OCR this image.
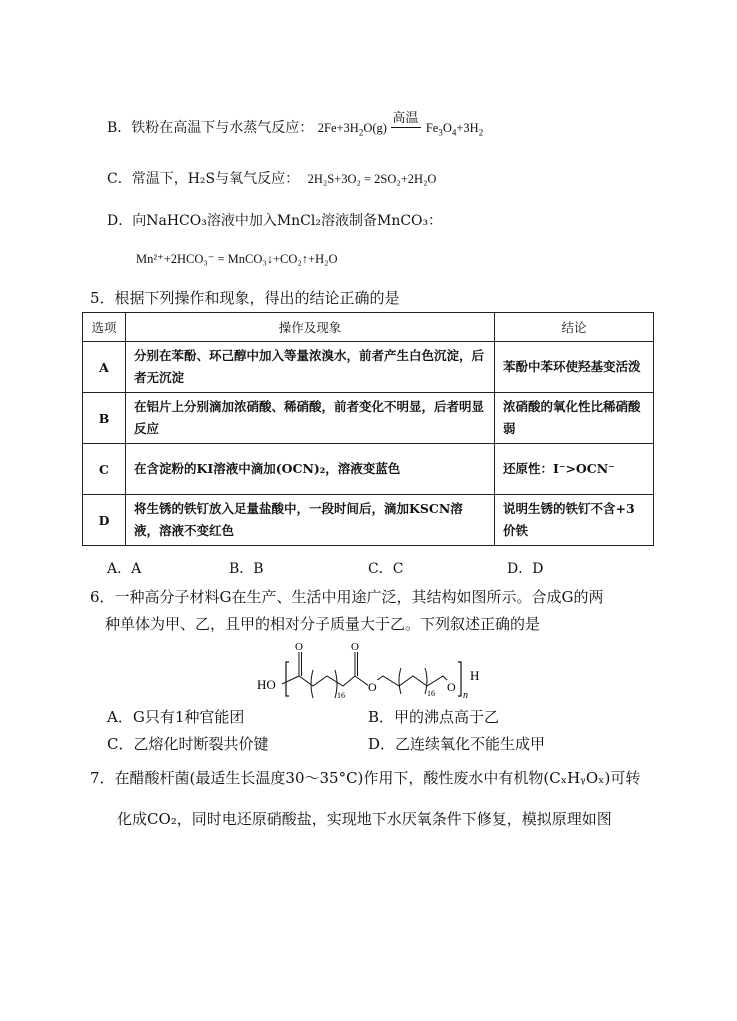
B．铁粉在高温下与水蒸气反应： $2Fe+3H_2O(g)$
高温
$Fe_3O_4+3H_2$
C．常温下，H₂S与氧气反应： 2H₂S+3O₂ = 2SO₂+2H₂O
D．向NaHCO₃溶液中加入MnCl₂溶液制备MnCO₃：
Mn²⁺+2HCO₃⁻ = MnCO₃↓+CO₂↑+H₂O
5．根据下列操作和现象，得出的结论正确的是
选项	操作及现象	结论
A	分别在苯酚、环己醇中加入等量浓溴水，前者产生白色沉淀，后者无沉淀	苯酚中苯环使羟基变活泼
B	在铝片上分别滴加浓硝酸、稀硝酸，前者变化不明显，后者明显反应	浓硝酸的氧化性比稀硝酸弱
C	在含淀粉的KI溶液中滴加(OCN)₂，溶液变蓝色	还原性：I⁻>OCN⁻
D	将生锈的铁钉放入足量盐酸中，一段时间后，滴加KSCN溶液，溶液不变红色	说明生锈的铁钉不含+3价铁
A．A	B．B	C．C	D．D
6．一种高分子材料G在生产、生活中用途广泛，其结构如图所示。合成G的两
种单体为甲、乙，且甲的相对分子质量大于乙。下列叙述正确的是
HO
O	O
16
O	16 O
n
H
A．G只有1种官能团	B．甲的沸点高于乙
C．乙熔化时断裂共价键	D．乙连续氧化不能生成甲
7．在醋酸杆菌(最适生长温度30～35°C)作用下，酸性废水中有机物(CₓHᵧOₓ)可转
化成CO₂，同时电还原硝酸盐，实现地下水厌氧条件下修复，模拟原理如图
